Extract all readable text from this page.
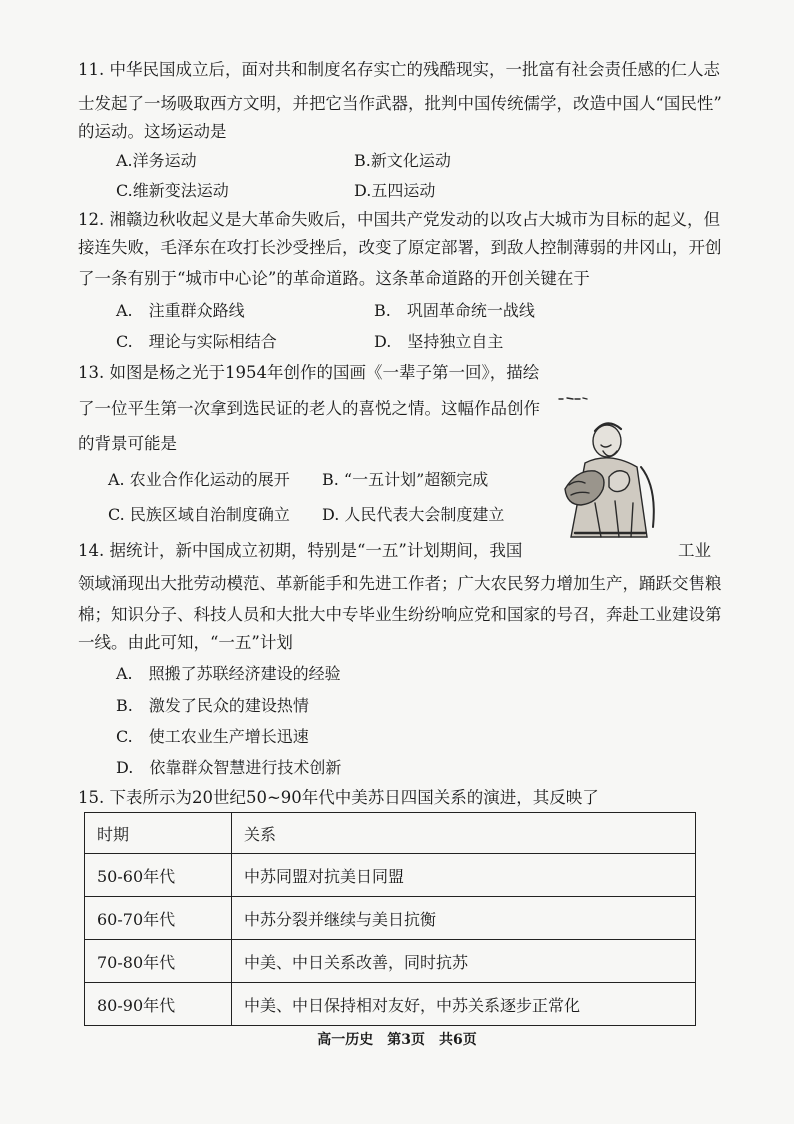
11. 中华民国成立后，面对共和制度名存实亡的残酷现实，一批富有社会责任感的仁人志
士发起了一场吸取西方文明，并把它当作武器，批判中国传统儒学，改造中国人“国民性”
的运动。这场运动是
A.洋务运动	B.新文化运动
C.维新变法运动	D.五四运动
12. 湘赣边秋收起义是大革命失败后，中国共产党发动的以攻占大城市为目标的起义，但
接连失败，毛泽东在攻打长沙受挫后，改变了原定部署，到敌人控制薄弱的井冈山，开创
了一条有别于“城市中心论”的革命道路。这条革命道路的开创关键在于
A.　注重群众路线	B.　巩固革命统一战线
C.　理论与实际相结合	D.　坚持独立自主
13. 如图是杨之光于1954年创作的国画《一辈子第一回》，描绘
了一位平生第一次拿到选民证的老人的喜悦之情。这幅作品创作
的背景可能是
A. 农业合作化运动的展开 B. “一五计划”超额完成
C. 民族区域自治制度确立 D. 人民代表大会制度建立
14. 据统计，新中国成立初期，特别是“一五”计划期间，我国	工业
领域涌现出大批劳动模范、革新能手和先进工作者；广大农民努力增加生产，踊跃交售粮
棉；知识分子、科技人员和大批大中专毕业生纷纷响应党和国家的号召，奔赴工业建设第
一线。由此可知，“一五”计划
A.　照搬了苏联经济建设的经验
B.　激发了民众的建设热情
C.　使工农业生产增长迅速
D.　依靠群众智慧进行技术创新
15. 下表所示为20世纪50~90年代中美苏日四国关系的演进，其反映了
时期	关系
50-60年代	中苏同盟对抗美日同盟
60-70年代	中苏分裂并继续与美日抗衡
70-80年代	中美、中日关系改善，同时抗苏
80-90年代	中美、中日保持相对友好，中苏关系逐步正常化
高一历史　第3页　共6页
